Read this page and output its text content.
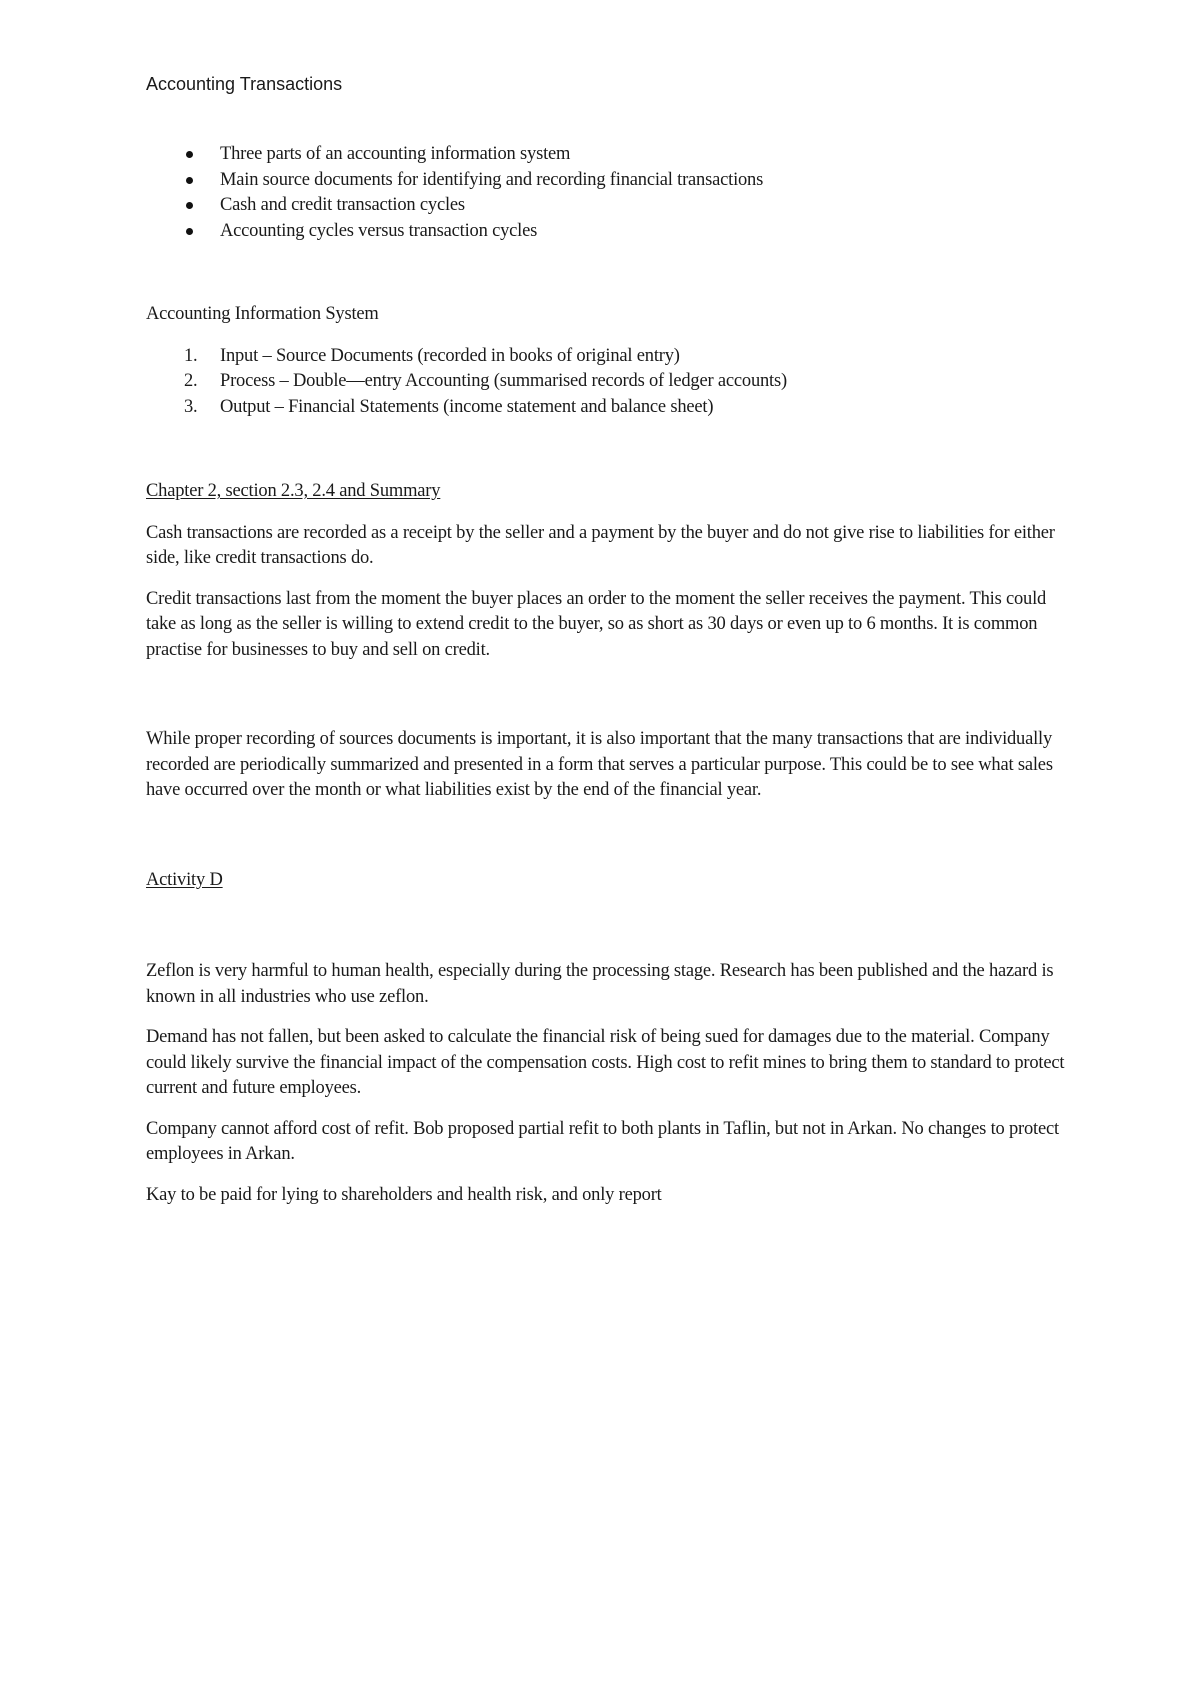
Accounting Transactions
Three parts of an accounting information system
Main source documents for identifying and recording financial transactions
Cash and credit transaction cycles
Accounting cycles versus transaction cycles

Accounting Information System

1. Input – Source Documents (recorded in books of original entry)
2. Process – Double—entry Accounting (summarised records of ledger accounts)
3. Output – Financial Statements (income statement and balance sheet)

Chapter 2, section 2.3, 2.4 and Summary

Cash transactions are recorded as a receipt by the seller and a payment by the buyer and do not give rise to liabilities for either side, like credit transactions do.

Credit transactions last from the moment the buyer places an order to the moment the seller receives the payment. This could take as long as the seller is willing to extend credit to the buyer, so as short as 30 days or even up to 6 months. It is common practise for businesses to buy and sell on credit.

While proper recording of sources documents is important, it is also important that the many transactions that are individually recorded are periodically summarized and presented in a form that serves a particular purpose. This could be to see what sales have occurred over the month or what liabilities exist by the end of the financial year.

Activity D

Zeflon is very harmful to human health, especially during the processing stage. Research has been published and the hazard is known in all industries who use zeflon.

Demand has not fallen, but been asked to calculate the financial risk of being sued for damages due to the material. Company could likely survive the financial impact of the compensation costs. High cost to refit mines to bring them to standard to protect current and future employees.

Company cannot afford cost of refit. Bob proposed partial refit to both plants in Taflin, but not in Arkan. No changes to protect employees in Arkan.

Kay to be paid for lying to shareholders and health risk, and only report
